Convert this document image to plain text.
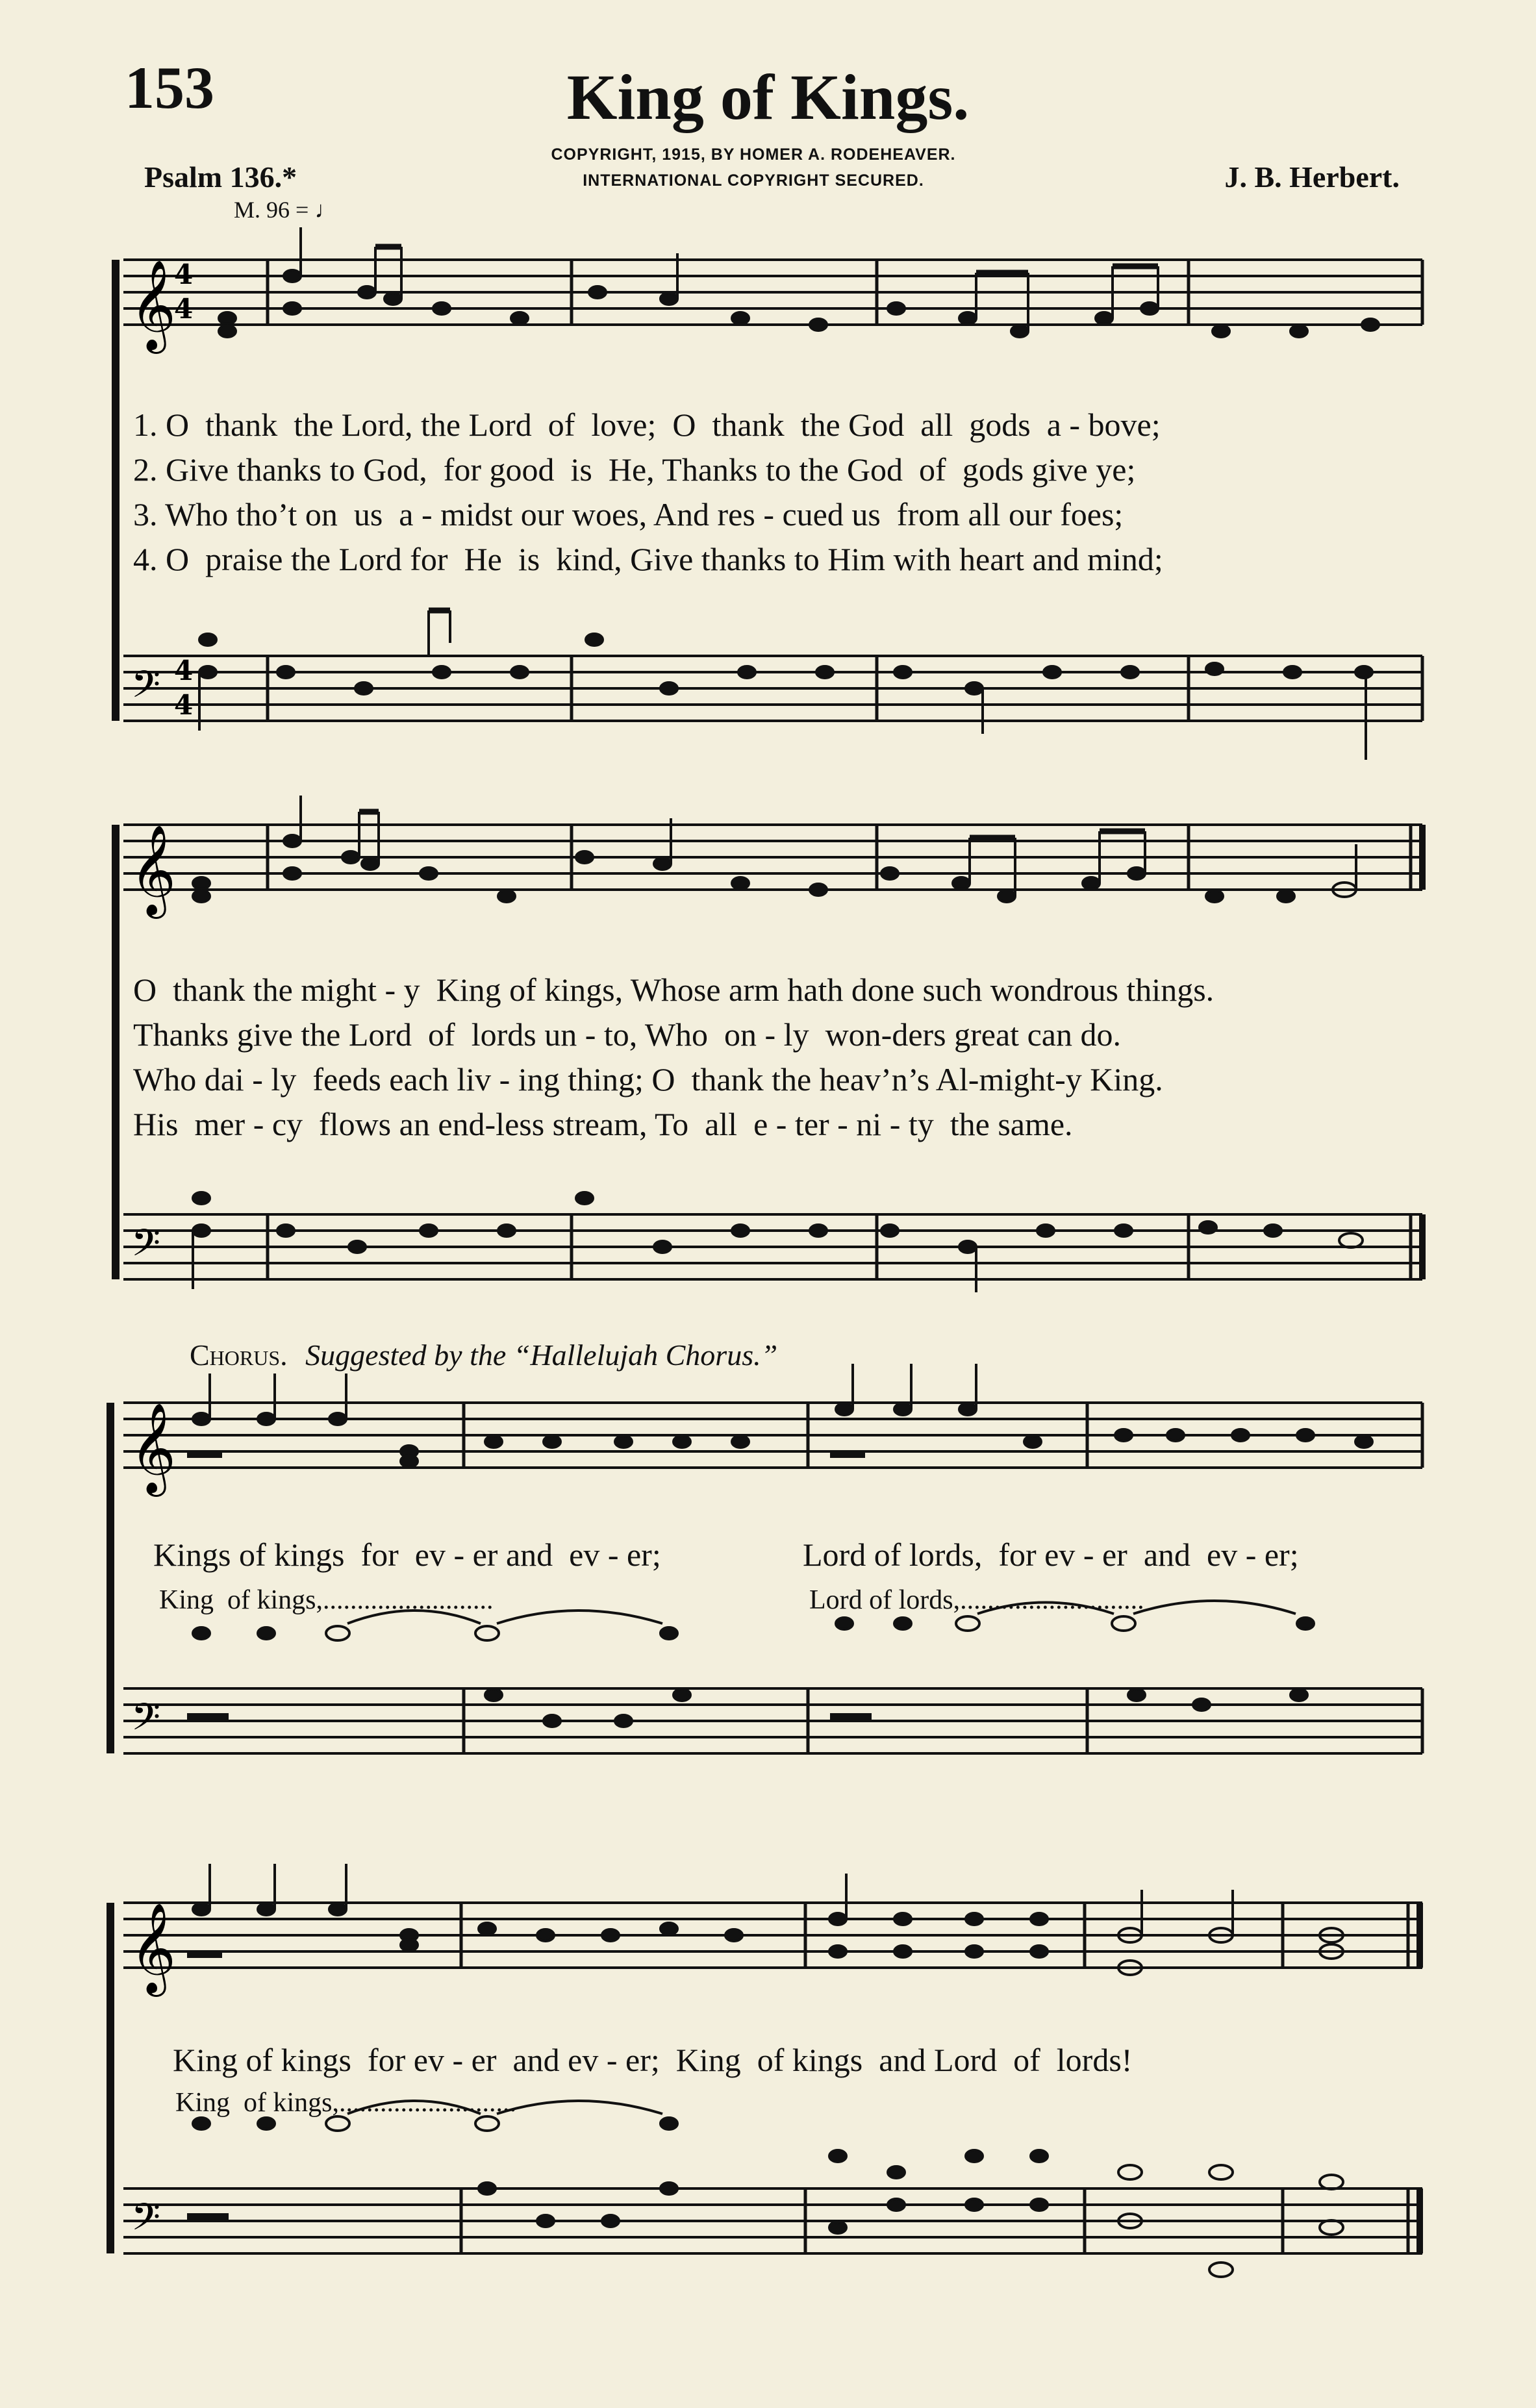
153	King of Kings.
Psalm 136.*
COPYRIGHT, 1915, BY HOMER A. RODEHEAVER.
INTERNATIONAL COPYRIGHT SECURED.	J. B. Herbert.
M. 96 = ♩
𝄞
𝄢
4
4
4
4
1. O  thank  the Lord, the Lord  of  love;  O  thank  the God  all  gods  a - bove;
2. Give thanks to God,  for good  is  He, Thanks to the God  of  gods give ye;
3. Who tho’t on  us  a - midst our woes, And res - cued us  from all our foes;
4. O  praise the Lord for  He  is  kind, Give thanks to Him with heart and mind;
𝄞
𝄢
O  thank the might - y  King of kings, Whose arm hath done such wondrous things.
Thanks give the Lord  of  lords un - to, Who  on - ly  won-ders great can do.
Who dai - ly  feeds each liv - ing thing; O  thank the heav’n’s Al-might-y King.
His  mer - cy  flows an end-less stream, To  all  e - ter - ni - ty  the same.
Chorus. Suggested by the “Hallelujah Chorus.”
𝄞
𝄢
Kings of kings  for  ev - er and  ev - er;	Lord of lords,  for ev - er  and  ev - er;
King  of kings,.........................	Lord of lords,...........................
𝄞
𝄢
King of kings  for ev - er  and ev - er;  King  of kings  and Lord  of  lords!
King  of kings,..........................
